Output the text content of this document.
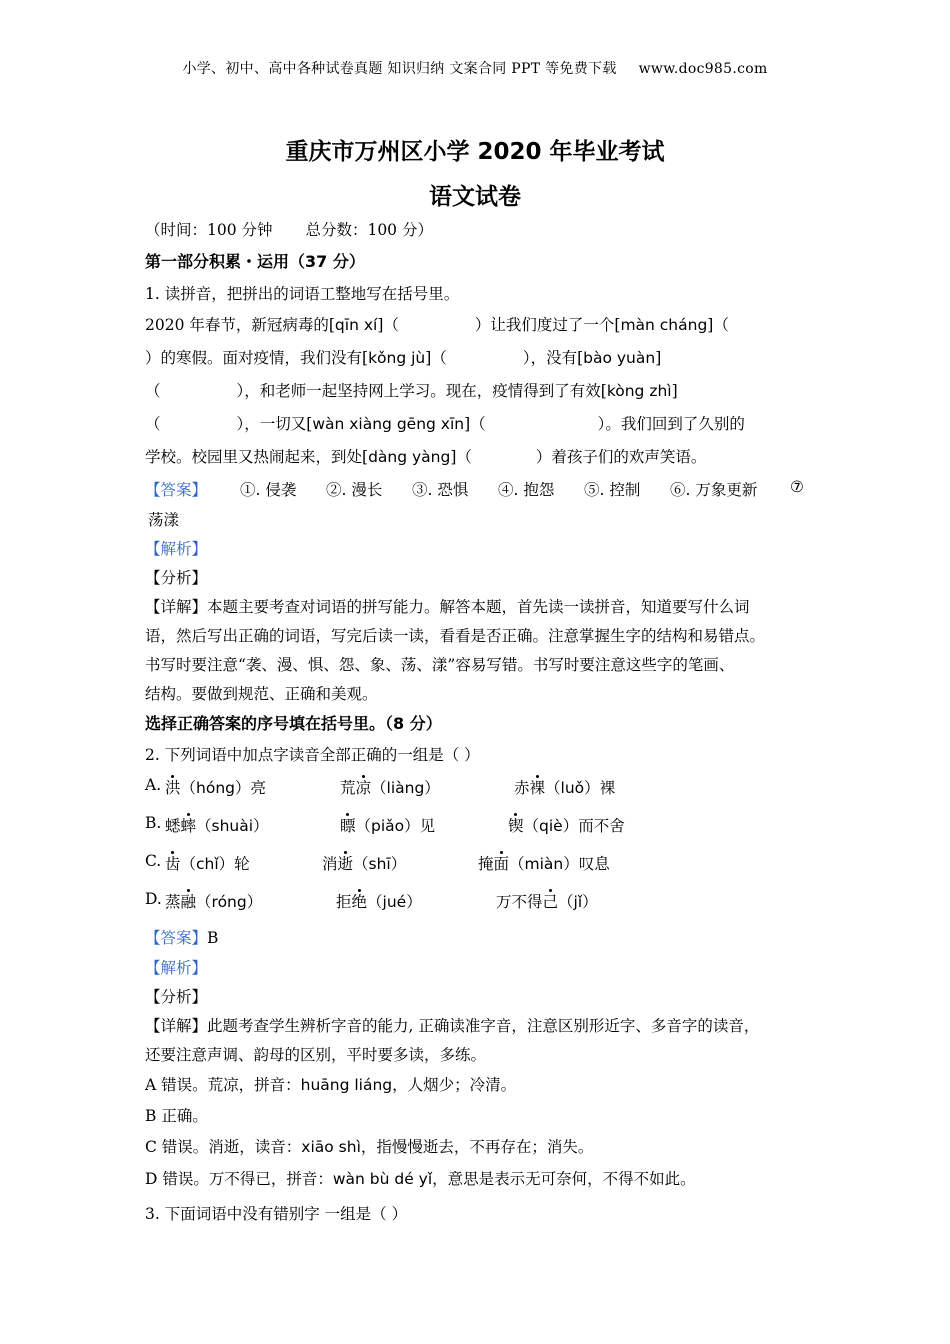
小学、初中、高中各种试卷真题 知识归纳 文案合同 PPT 等免费下载 www.doc985.com
重庆市万州区小学 2020 年毕业考试
语文试卷
（时间：100 分钟 总分数：100 分）
第一部分积累・运用（37 分）
1. 读拼音，把拼出的词语工整地写在括号里。
2020 年春节，新冠病毒的[qīn xí]（	）让我们度过了一个[màn cháng]（
）的寒假。面对疫情，我们没有[kǒng jù]（	），没有[bào yuàn]
（	），和老师一起坚持网上学习。现在，疫情得到了有效[kòng zhì]
（	），一切又[wàn xiàng gēng xīn]（	）。我们回到了久别的
学校。校园里又热闹起来，到处[dàng yàng]（	）着孩子们的欢声笑语。
【答案】 ①. 侵袭 ②. 漫长 ③. 恐惧 ④. 抱怨 ⑤. 控制 ⑥. 万象更新 ⑦
荡漾
【解析】
【分析】
【详解】本题主要考查对词语的拼写能力。解答本题，首先读一读拼音，知道要写什么词
语，然后写出正确的词语，写完后读一读，看看是否正确。注意掌握生字的结构和易错点。
书写时要注意“袭、漫、惧、怨、象、荡、漾”容易写错。书写时要注意这些字的笔画、
结构。要做到规范、正确和美观。
选择正确答案的序号填在括号里。（8 分）
2. 下列词语中加点字读音全部正确的一组是（ ）
A. 洪（hóng）亮	荒凉（liàng）	赤裸（luǒ）裸
B. 蟋蟀（shuài）	瞟（piǎo）见	锲（qiè）而不舍
C. 齿（chǐ）轮	消逝（shī）	掩面（miàn）叹息
D. 蒸融（róng）	拒绝（jué）	万不得己（jǐ）
【答案】B
【解析】
【分析】
【详解】此题考查学生辨析字音的能力, 正确读准字音，注意区别形近字、多音字的读音，
还要注意声调、韵母的区别，平时要多读，多练。
A 错误。荒凉，拼音：huāng liáng，人烟少；冷清。
B 正确。
C 错误。消逝，读音：xiāo shì，指慢慢逝去，不再存在；消失。
D 错误。万不得已，拼音：wàn bù dé yǐ，意思是表示无可奈何，不得不如此。
3. 下面词语中没有错别字 一组是（ ）
